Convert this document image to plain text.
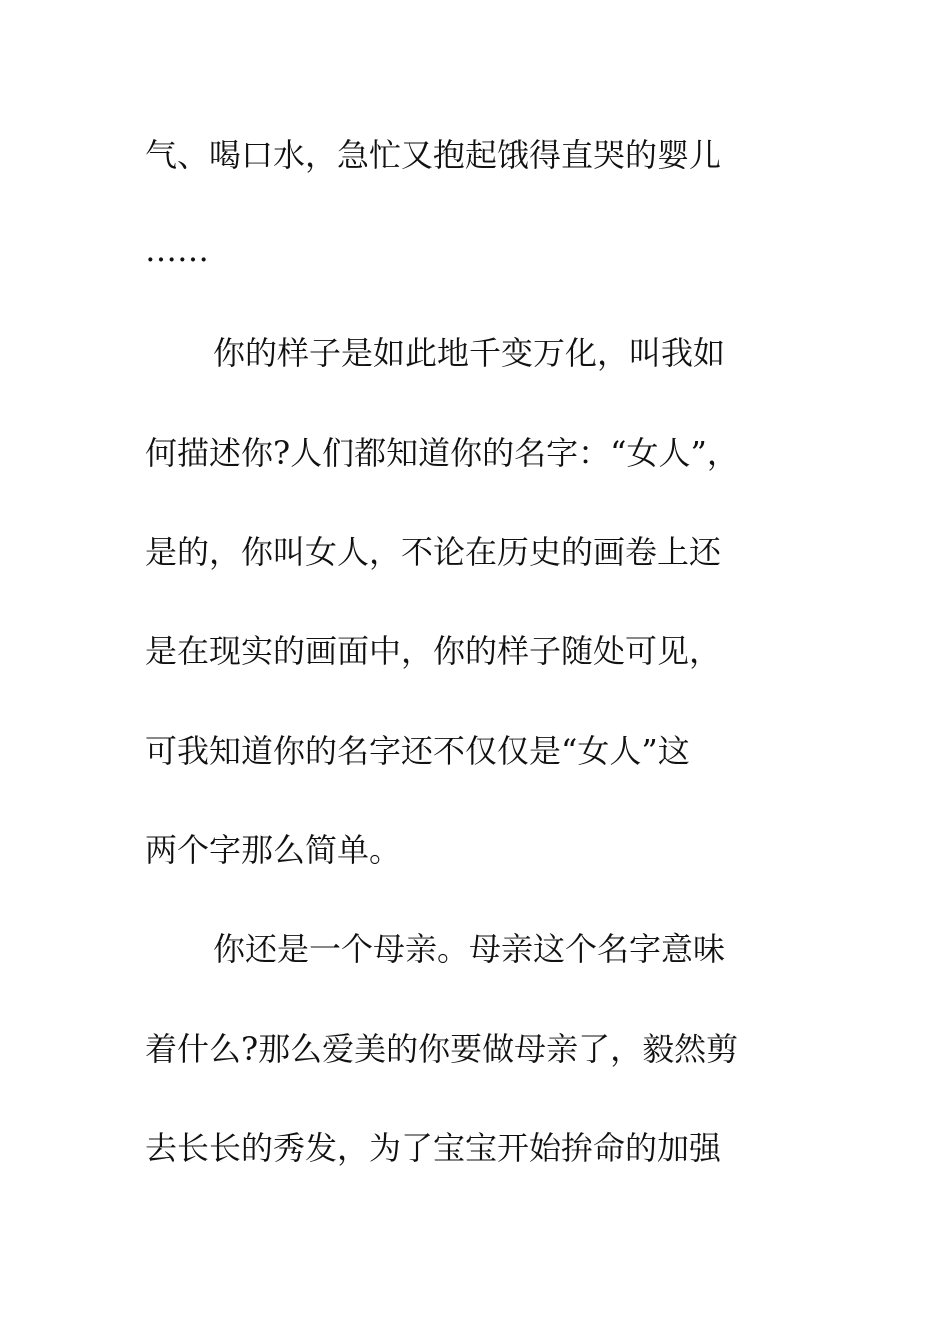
气、喝口水，急忙又抱起饿得直哭的婴儿
……
你的样子是如此地千变万化，叫我如
何描述你?人们都知道你的名字：“女人”，
是的，你叫女人，不论在历史的画卷上还
是在现实的画面中，你的样子随处可见，
可我知道你的名字还不仅仅是“女人”这
两个字那么简单。
你还是一个母亲。母亲这个名字意味
着什么?那么爱美的你要做母亲了，毅然剪
去长长的秀发，为了宝宝开始拚命的加强
